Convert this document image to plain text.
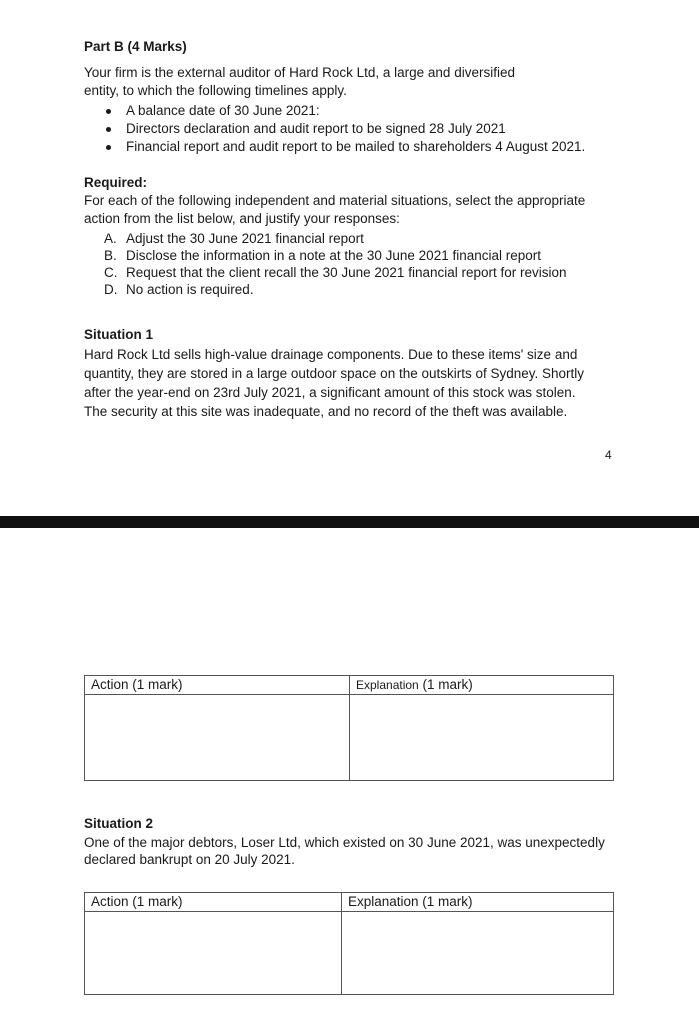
Part B (4 Marks)
Your firm is the external auditor of Hard Rock Ltd, a large and diversified
entity, to which the following timelines apply.
A balance date of 30 June 2021:
Directors declaration and audit report to be signed 28 July 2021
Financial report and audit report to be mailed to shareholders 4 August 2021.
Required:
For each of the following independent and material situations, select the appropriate
action from the list below, and justify your responses:
A. Adjust the 30 June 2021 financial report
B. Disclose the information in a note at the 30 June 2021 financial report
C. Request that the client recall the 30 June 2021 financial report for revision
D. No action is required.
Situation 1
Hard Rock Ltd sells high-value drainage components. Due to these items' size and
quantity, they are stored in a large outdoor space on the outskirts of Sydney. Shortly
after the year-end on 23rd July 2021, a significant amount of this stock was stolen.
The security at this site was inadequate, and no record of the theft was available.
4
Action (1 mark)	Explanation (1 mark)

Situation 2
One of the major debtors, Loser Ltd, which existed on 30 June 2021, was unexpectedly
declared bankrupt on 20 July 2021.
Action (1 mark)	Explanation (1 mark)
